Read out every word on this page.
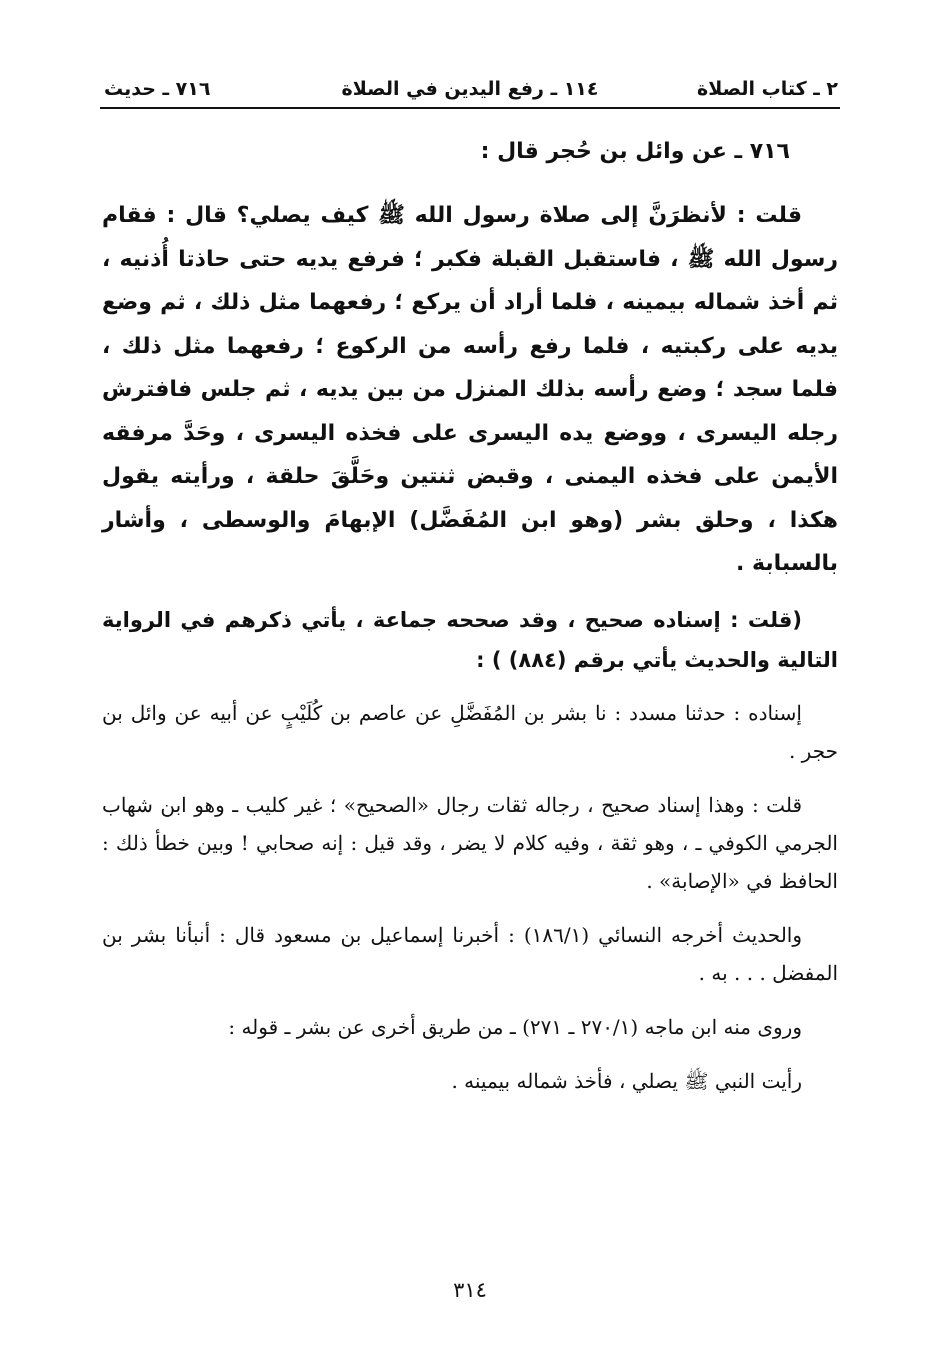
٢ ـ كتاب الصلاة
١١٤ ـ رفع اليدين في الصلاة
٧١٦ ـ حديث

٧١٦ ـ عن وائل بن حُجر قال :

قلت : لأنظرَنَّ إلى صلاة رسول الله ﷺ كيف يصلي؟ قال : فقام رسول الله ﷺ ، فاستقبل القبلة فكبر ؛ فرفع يديه حتى حاذتا أُذنيه ، ثم أخذ شماله بيمينه ، فلما أراد أن يركع ؛ رفعهما مثل ذلك ، ثم وضع يديه على ركبتيه ، فلما رفع رأسه من الركوع ؛ رفعهما مثل ذلك ، فلما سجد ؛ وضع رأسه بذلك المنزل من بين يديه ، ثم جلس فافترش رجله اليسرى ، ووضع يده اليسرى على فخذه اليسرى ، وحَدَّ مرفقه الأيمن على فخذه اليمنى ، وقبض ثنتين وحَلَّقَ حلقة ، ورأيته يقول هكذا ، وحلق بشر (وهو ابن المُفَضَّل) الإبهامَ والوسطى ، وأشار بالسبابة .

(قلت : إسناده صحيح ، وقد صححه جماعة ، يأتي ذكرهم في الرواية التالية والحديث يأتي برقم (٨٨٤) ) :

إسناده : حدثنا مسدد : نا بشر بن المُفَضَّلِ عن عاصم بن كُلَيْبٍ عن أبيه عن وائل بن حجر .

قلت : وهذا إسناد صحيح ، رجاله ثقات رجال «الصحيح» ؛ غير كليب ـ وهو ابن شهاب الجرمي الكوفي ـ ، وهو ثقة ، وفيه كلام لا يضر ، وقد قيل : إنه صحابي ! وبين خطأ ذلك : الحافظ في «الإصابة» .

والحديث أخرجه النسائي (١٨٦/١) : أخبرنا إسماعيل بن مسعود قال : أنبأنا بشر بن المفضل . . . به .

وروى منه ابن ماجه (٢٧٠/١ ـ ٢٧١) ـ من طريق أخرى عن بشر ـ قوله :

رأيت النبي ﷺ يصلي ، فأخذ شماله بيمينه .

٣١٤
